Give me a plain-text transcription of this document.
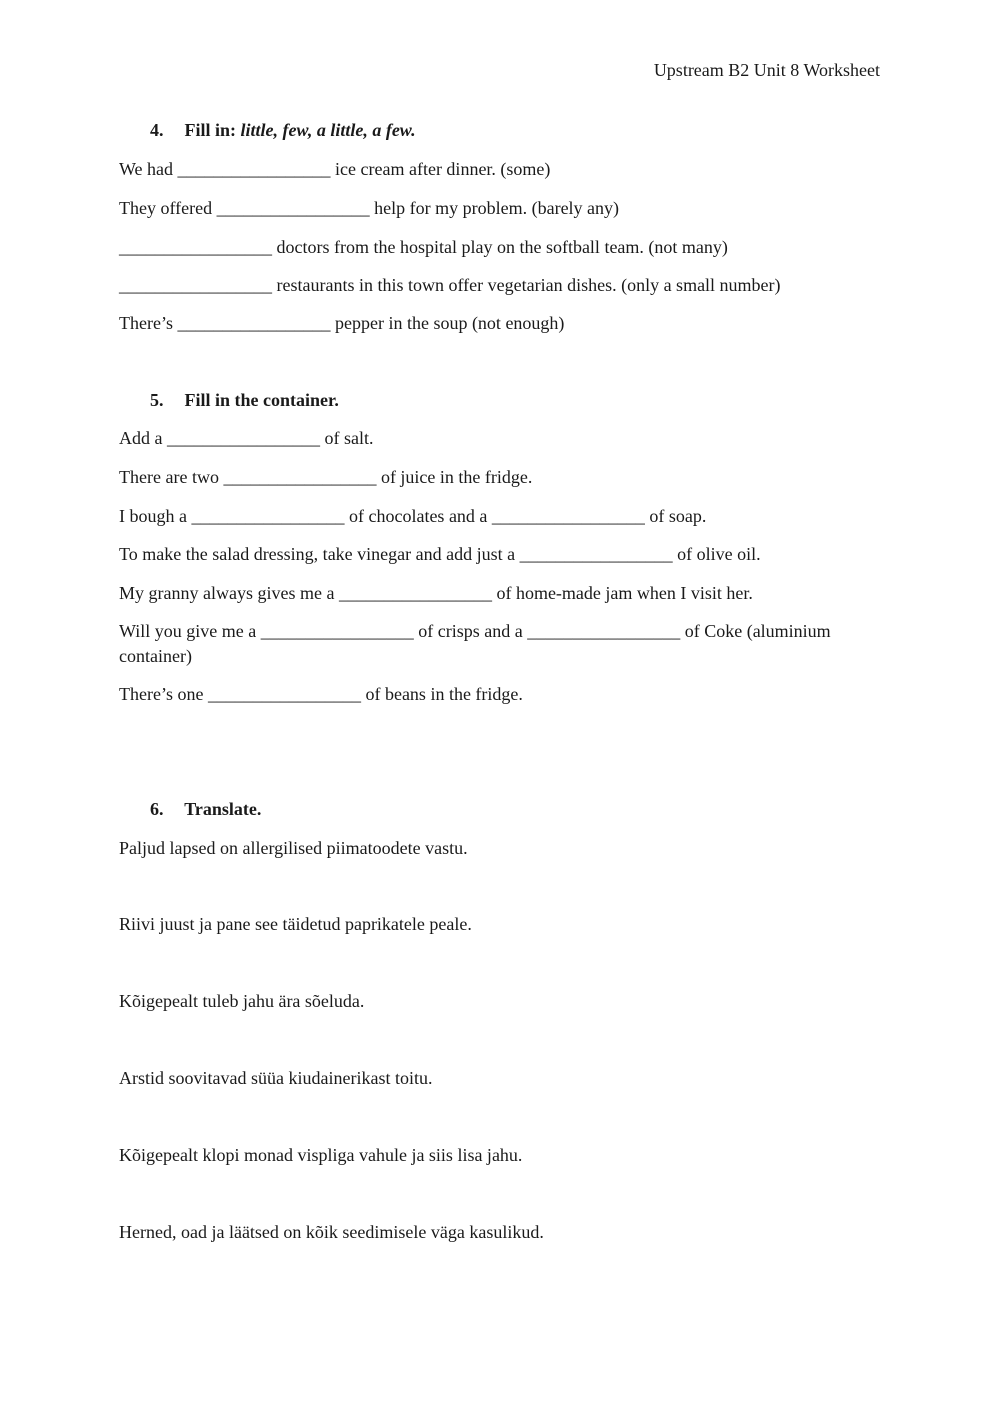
Upstream B2 Unit 8 Worksheet
4. Fill in: little, few, a little, a few.
We had _________________ ice cream after dinner. (some)
They offered _________________ help for my problem. (barely any)
_________________ doctors from the hospital play on the softball team. (not many)
_________________ restaurants in this town offer vegetarian dishes. (only a small number)
There’s _________________ pepper in the soup (not enough)
5. Fill in the container.
Add a _________________ of salt.
There are two _________________ of juice in the fridge.
I bough a _________________ of chocolates and a _________________ of soap.
To make the salad dressing, take vinegar and add just a _________________ of olive oil.
My granny always gives me a _________________ of home-made jam when I visit her.
Will you give me a _________________ of crisps and a _________________ of Coke (aluminium container)
There’s one _________________ of beans in the fridge.
6. Translate.
Paljud lapsed on allergilised piimatoodete vastu.
Riivi juust ja pane see täidetud paprikatele peale.
Kõigepealt tuleb jahu ära sõeluda.
Arstid soovitavad süüa kiudainerikast toitu.
Kõigepealt klopi monad vispliga vahule ja siis lisa jahu.
Herned, oad ja läätsed on kõik seedimisele väga kasulikud.
